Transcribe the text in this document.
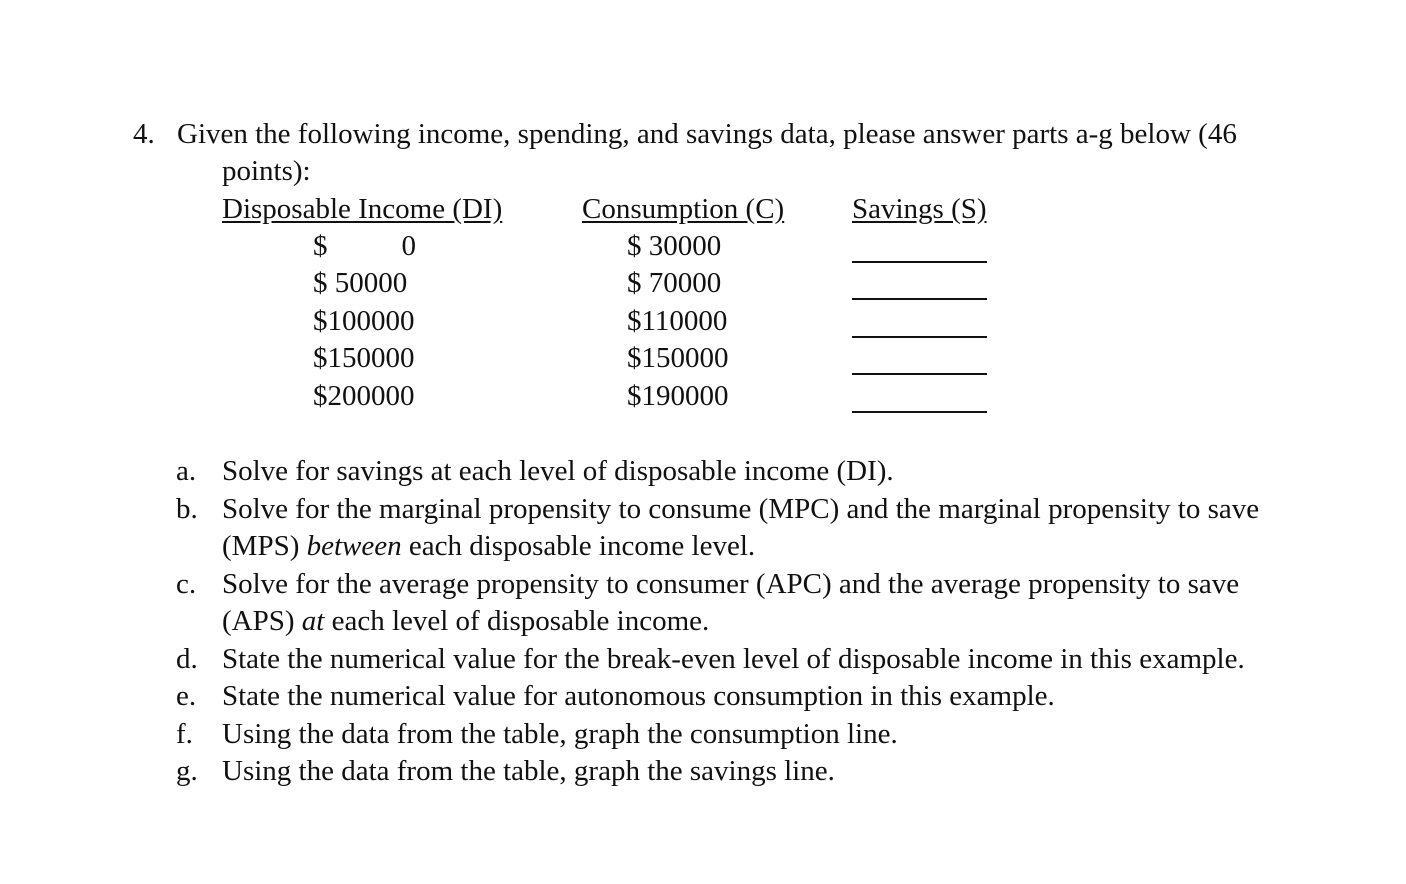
4. Given the following income, spending, and savings data, please answer parts a-g below (46
points):
Disposable Income (DI)	Consumption (C) Savings (S)
$	0	$ 30000
$ 50000	$ 70000
$100000	$110000
$150000	$150000
$200000	$190000
a. Solve for savings at each level of disposable income (DI).
b. Solve for the marginal propensity to consume (MPC) and the marginal propensity to save
(MPS) between each disposable income level.
c. Solve for the average propensity to consumer (APC) and the average propensity to save
(APS) at each level of disposable income.
d. State the numerical value for the break-even level of disposable income in this example.
e. State the numerical value for autonomous consumption in this example.
f. Using the data from the table, graph the consumption line.
g. Using the data from the table, graph the savings line.
